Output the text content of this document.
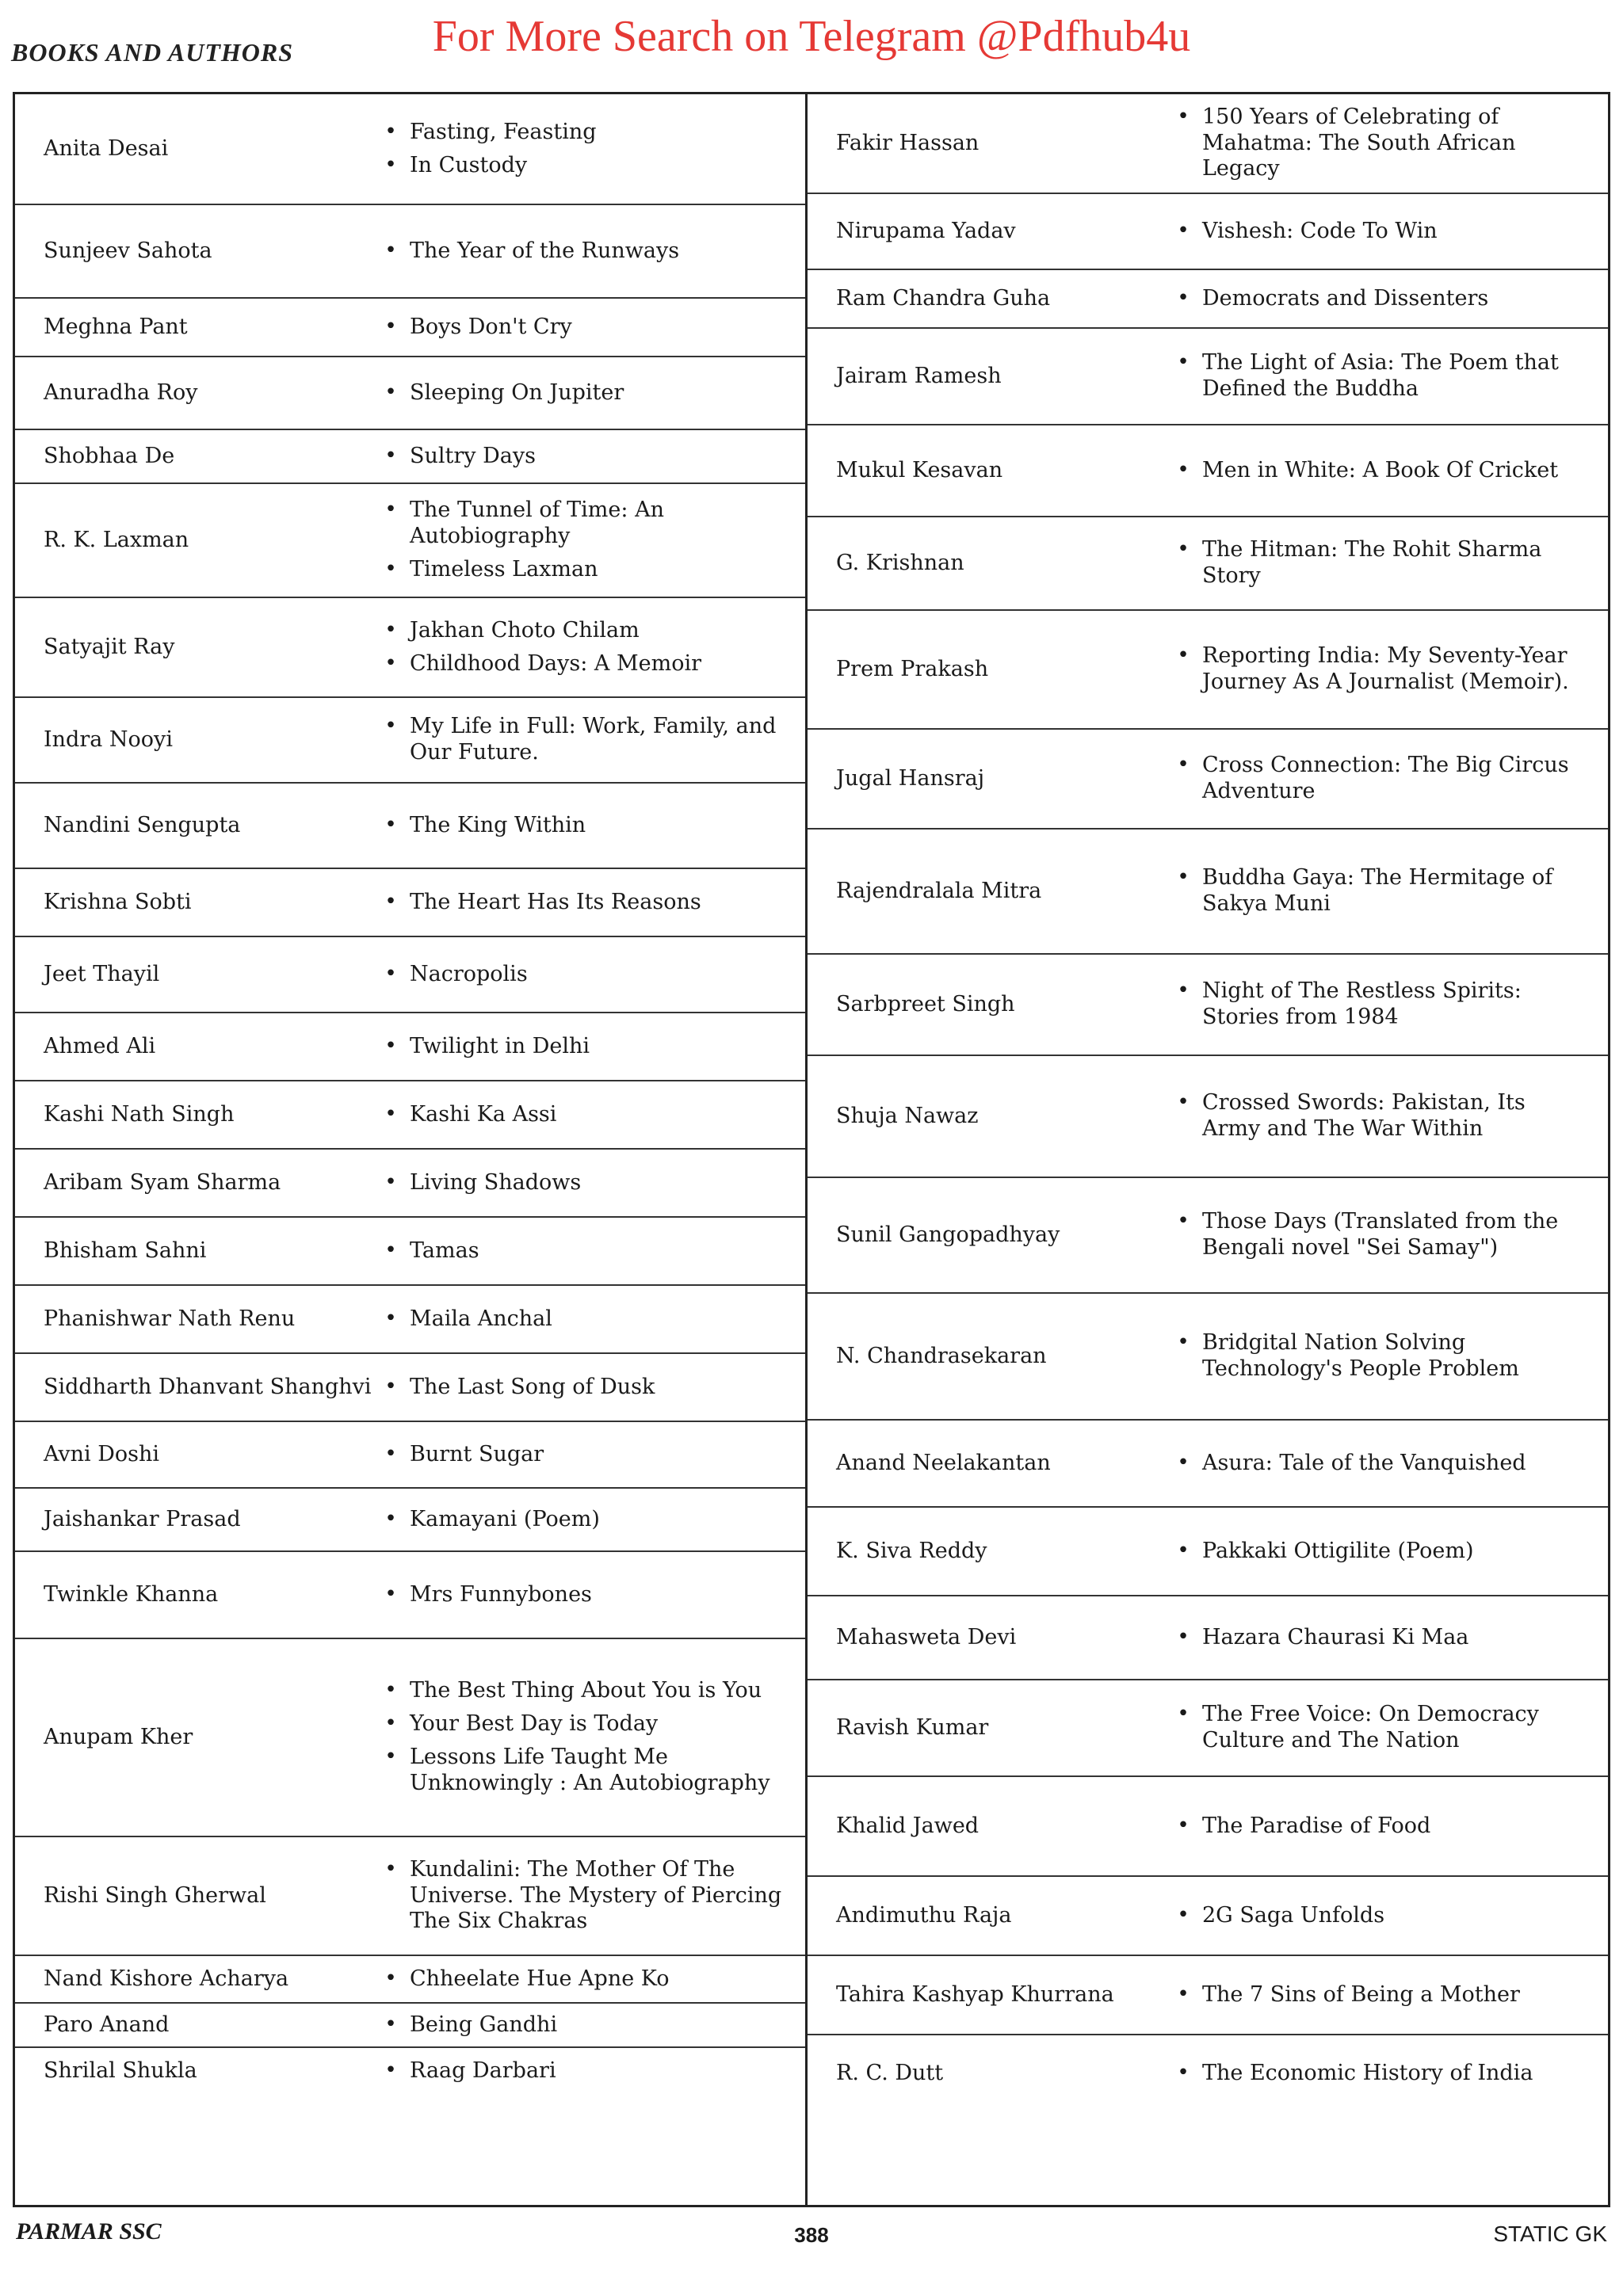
For More Search on Telegram @Pdfhub4u
BOOKS AND AUTHORS
Anita Desai
• Fasting, Feasting
• In Custody
Sunjeev Sahota	• The Year of the Runways
Meghna Pant	• Boys Don't Cry
Anuradha Roy	• Sleeping On Jupiter
Shobhaa De	• Sultry Days
R. K. Laxman
• The Tunnel of Time: An Autobiography
• Timeless Laxman
Satyajit Ray
• Jakhan Choto Chilam
• Childhood Days: A Memoir
Indra Nooyi
• My Life in Full: Work, Family, and Our Future.
Nandini Sengupta	• The King Within
Krishna Sobti	• The Heart Has Its Reasons
Jeet Thayil	• Nacropolis
Ahmed Ali	• Twilight in Delhi
Kashi Nath Singh	• Kashi Ka Assi
Aribam Syam Sharma	• Living Shadows
Bhisham Sahni	• Tamas
Phanishwar Nath Renu	• Maila Anchal
Siddharth Dhanvant Shanghvi • The Last Song of Dusk
Avni Doshi	• Burnt Sugar
Jaishankar Prasad	• Kamayani (Poem)
Twinkle Khanna	• Mrs Funnybones
Anupam Kher
• The Best Thing About You is You
• Your Best Day is Today
• Lessons Life Taught Me Unknowingly : An Autobiography
Rishi Singh Gherwal
• Kundalini: The Mother Of The Universe. The Mystery of Piercing The Six Chakras
Nand Kishore Acharya	• Chheelate Hue Apne Ko
Paro Anand	• Being Gandhi
Shrilal Shukla	• Raag Darbari
Fakir Hassan
• 150 Years of Celebrating of Mahatma: The South African Legacy
Nirupama Yadav	• Vishesh: Code To Win
Ram Chandra Guha	• Democrats and Dissenters
Jairam Ramesh
• The Light of Asia: The Poem that Defined the Buddha
Mukul Kesavan	• Men in White: A Book Of Cricket
G. Krishnan
• The Hitman: The Rohit Sharma Story
Prem Prakash
• Reporting India: My Seventy-Year Journey As A Journalist (Memoir).
Jugal Hansraj
• Cross Connection: The Big Circus Adventure
Rajendralala Mitra
• Buddha Gaya: The Hermitage of Sakya Muni
Sarbpreet Singh
• Night of The Restless Spirits: Stories from 1984
Shuja Nawaz
• Crossed Swords: Pakistan, Its Army and The War Within
Sunil Gangopadhyay
• Those Days (Translated from the Bengali novel "Sei Samay")
N. Chandrasekaran
• Bridgital Nation Solving Technology's People Problem
Anand Neelakantan	• Asura: Tale of the Vanquished
K. Siva Reddy	• Pakkaki Ottigilite (Poem)
Mahasweta Devi	• Hazara Chaurasi Ki Maa
Ravish Kumar
• The Free Voice: On Democracy Culture and The Nation
Khalid Jawed	• The Paradise of Food
Andimuthu Raja	• 2G Saga Unfolds
Tahira Kashyap Khurrana	• The 7 Sins of Being a Mother
R. C. Dutt	• The Economic History of India
PARMAR SSC	388	STATIC GK
